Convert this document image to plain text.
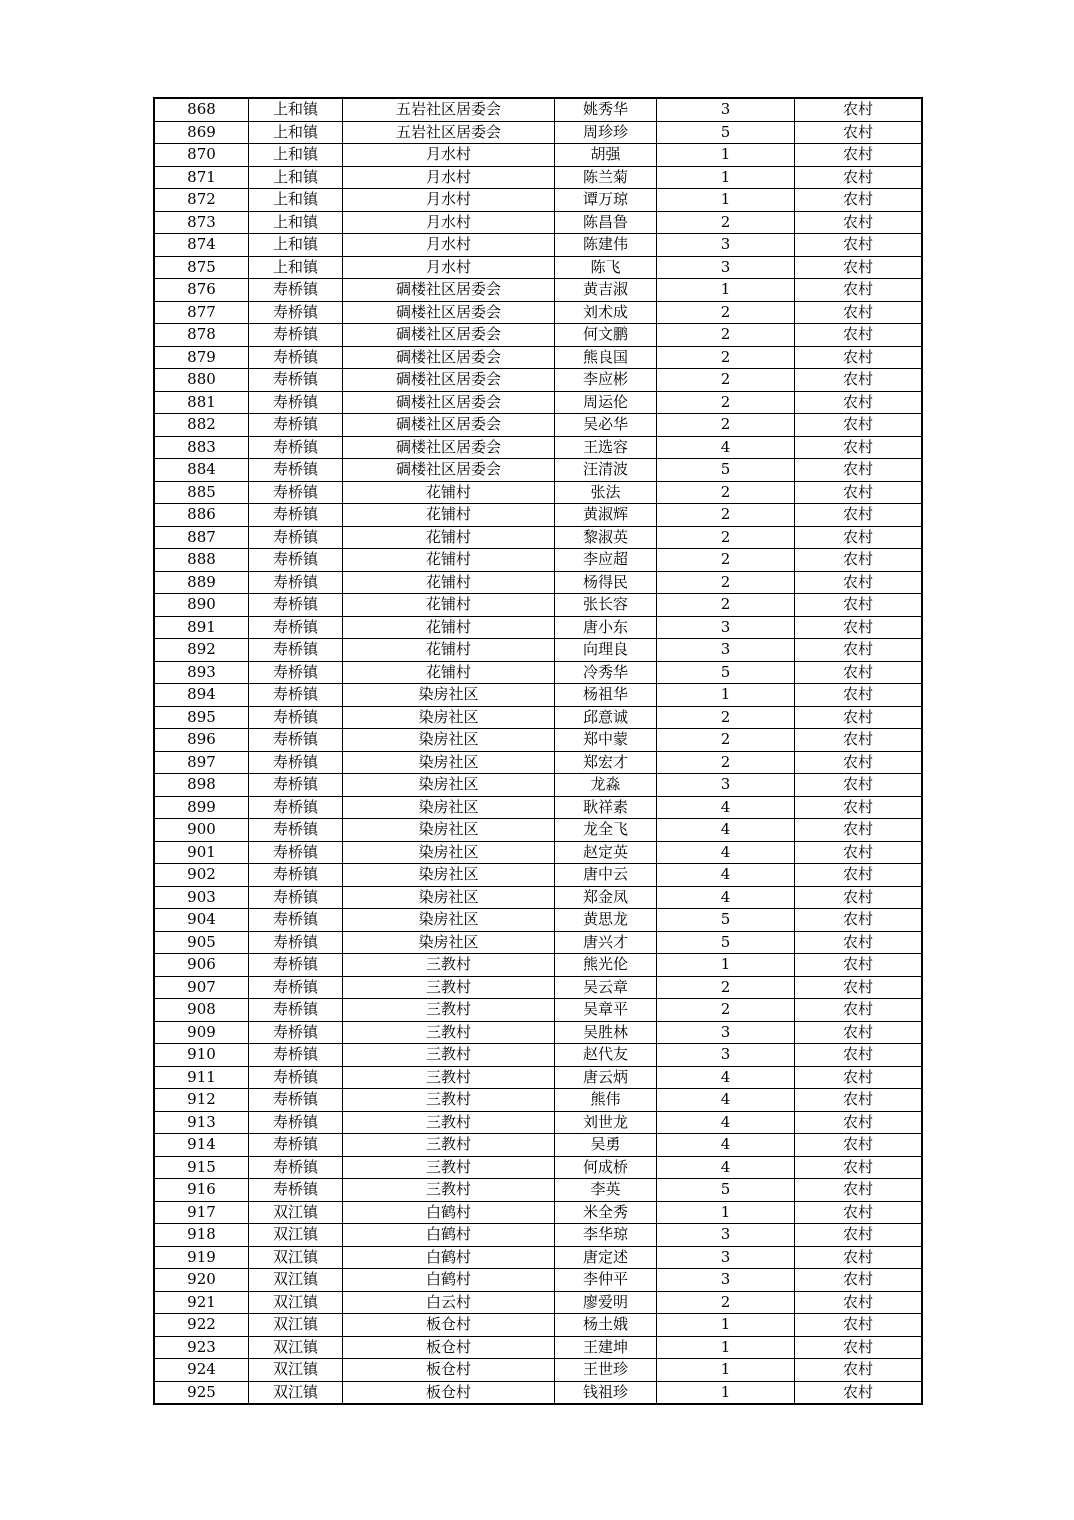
868	上和镇	五岩社区居委会	姚秀华	3	农村
869	上和镇	五岩社区居委会	周珍珍	5	农村
870	上和镇	月水村	胡强	1	农村
871	上和镇	月水村	陈兰菊	1	农村
872	上和镇	月水村	谭万琼	1	农村
873	上和镇	月水村	陈昌鲁	2	农村
874	上和镇	月水村	陈建伟	3	农村
875	上和镇	月水村	陈飞	3	农村
876	寿桥镇	碉楼社区居委会	黄吉淑	1	农村
877	寿桥镇	碉楼社区居委会	刘术成	2	农村
878	寿桥镇	碉楼社区居委会	何文鹏	2	农村
879	寿桥镇	碉楼社区居委会	熊良国	2	农村
880	寿桥镇	碉楼社区居委会	李应彬	2	农村
881	寿桥镇	碉楼社区居委会	周运伦	2	农村
882	寿桥镇	碉楼社区居委会	吴必华	2	农村
883	寿桥镇	碉楼社区居委会	王选容	4	农村
884	寿桥镇	碉楼社区居委会	汪清波	5	农村
885	寿桥镇	花铺村	张法	2	农村
886	寿桥镇	花铺村	黄淑辉	2	农村
887	寿桥镇	花铺村	黎淑英	2	农村
888	寿桥镇	花铺村	李应超	2	农村
889	寿桥镇	花铺村	杨得民	2	农村
890	寿桥镇	花铺村	张长容	2	农村
891	寿桥镇	花铺村	唐小东	3	农村
892	寿桥镇	花铺村	向理良	3	农村
893	寿桥镇	花铺村	冷秀华	5	农村
894	寿桥镇	染房社区	杨祖华	1	农村
895	寿桥镇	染房社区	邱意诚	2	农村
896	寿桥镇	染房社区	郑中蒙	2	农村
897	寿桥镇	染房社区	郑宏才	2	农村
898	寿桥镇	染房社区	龙淼	3	农村
899	寿桥镇	染房社区	耿祥素	4	农村
900	寿桥镇	染房社区	龙全飞	4	农村
901	寿桥镇	染房社区	赵定英	4	农村
902	寿桥镇	染房社区	唐中云	4	农村
903	寿桥镇	染房社区	郑金凤	4	农村
904	寿桥镇	染房社区	黄思龙	5	农村
905	寿桥镇	染房社区	唐兴才	5	农村
906	寿桥镇	三教村	熊光伦	1	农村
907	寿桥镇	三教村	吴云章	2	农村
908	寿桥镇	三教村	吴章平	2	农村
909	寿桥镇	三教村	吴胜林	3	农村
910	寿桥镇	三教村	赵代友	3	农村
911	寿桥镇	三教村	唐云炳	4	农村
912	寿桥镇	三教村	熊伟	4	农村
913	寿桥镇	三教村	刘世龙	4	农村
914	寿桥镇	三教村	吴勇	4	农村
915	寿桥镇	三教村	何成桥	4	农村
916	寿桥镇	三教村	李英	5	农村
917	双江镇	白鹤村	米全秀	1	农村
918	双江镇	白鹤村	李华琼	3	农村
919	双江镇	白鹤村	唐定述	3	农村
920	双江镇	白鹤村	李仲平	3	农村
921	双江镇	白云村	廖爱明	2	农村
922	双江镇	板仓村	杨土娥	1	农村
923	双江镇	板仓村	王建坤	1	农村
924	双江镇	板仓村	王世珍	1	农村
925	双江镇	板仓村	钱祖珍	1	农村
